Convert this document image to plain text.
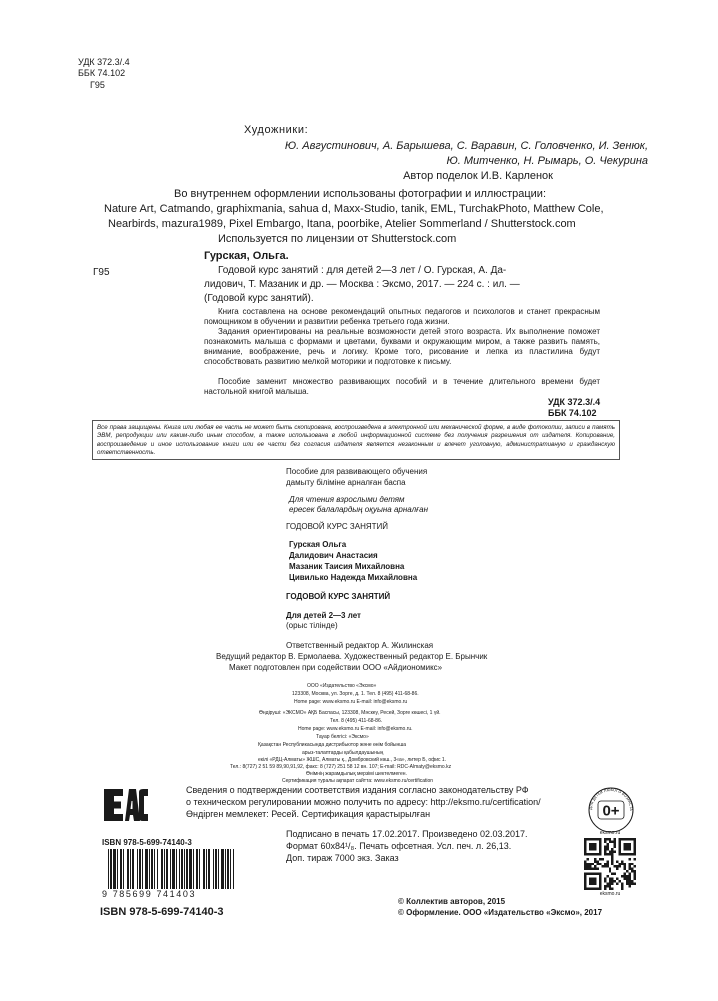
УДК 372.3/.4
ББК 74.102
Г95
Художники:
Ю. Августинович, А. Барышева, С. Варавин, С. Головченко, И. Зенюк,
Ю. Митченко, Н. Рымарь, О. Чекурина
Автор поделок И.В. Карленок
Во внутреннем оформлении использованы фотографии и иллюстрации:
Nature Art, Catmando, graphixmania, sahua d, Maxx-Studio, tanik, EML, TurchakPhoto, Matthew Cole,
Nearbirds, mazura1989, Pixel Embargo, Itana, poorbike, Atelier Sommerland / Shutterstock.com
Используется по лицензии от Shutterstock.com
Гурская, Ольга.
Г95	Годовой курс занятий : для детей 2—3 лет / О. Гурская, А. Да-
лидович, Т. Мазаник и др. — Москва : Эксмо, 2017. — 224 с. : ил. —
(Годовой курс занятий).
Книга составлена на основе рекомендаций опытных педагогов и психологов и станет прекрасным помощником в обучении и развитии ребенка третьего года жизни.
Задания ориентированы на реальные возможности детей этого возраста. Их выполнение поможет познакомить малыша с формами и цветами, буквами и окружающим миром, а также развить память, внимание, воображение, речь и логику. Кроме того, рисование и лепка из пластилина будут способствовать развитию мелкой моторики и подготовке к письму.
Пособие заменит множество развивающих пособий и в течение длительного времени будет настольной книгой малыша.
УДК 372.3/.4
ББК 74.102

Все права защищены. Книга или любая ее часть не может быть скопирована, воспроизведена в электронной или механической форме, в виде фотокопии, записи в память ЭВМ, репродукции или каким-либо иным способом, а также использована в любой информационной системе без получения разрешения от издателя. Копирование, воспроизведение и иное использование книги или ее части без согласия издателя является незаконным и влечет уголовную, административную и гражданскую ответственность.

Пособие для развивающего обучения
дамыту біліміне арналған баспа
Для чтения взрослыми детям
ересек балалардың оқуына арналған
ГОДОВОЙ КУРС ЗАНЯТИЙ
Гурская Ольга
Далидович Анастасия
Мазаник Таисия Михайловна
Цивилько Надежда Михайловна
ГОДОВОЙ КУРС ЗАНЯТИЙ
Для детей 2—3 лет
(орыс тілінде)
Ответственный редактор А. Жилинская
Ведущий редактор В. Ермолаева. Художественный редактор Е. Брынчик
Макет подготовлен при содействии ООО «Айдиономикс»
ООО «Издательство «Эксмо»
123308, Москва, ул. Зорге, д. 1. Тел. 8 (495) 411-68-86.
Home page: www.eksmo.ru E-mail: info@eksmo.ru
Өндіруші: «ЭКСМО» АҚБ Баспасы, 123308, Мәскеу, Ресей, Зорге көшесі, 1 үй.
Тел. 8 (495) 411-68-86.
Home page: www.eksmo.ru E-mail: info@eksmo.ru.
Тауар белгісі: «Эксмо»
Қазақстан Республикасында дистрибьютор және өнім бойынша
арыз-талаптарды қабылдаушының
екілі «РДЦ-Алматы» ЖШС, Алматы қ., Домбровский көш., 3«а», литер Б, офис 1.
Тел.: 8(727) 2 51 59 89,90,91,92, факс: 8 (727) 251 58 12 вн. 107; E-mail: RDC-Almaty@eksmo.kz
Өнімнің жарамдылық мерзімі шектелмеген.
Сертификация туралы ақпарат сайтта: www.eksmo.ru/certification
Сведения о подтверждении соответствия издания согласно законодательству РФ
о техническом регулировании можно получить по адресу: http://eksmo.ru/certification/
Өндірген мемлекет: Ресей. Сертификация қарастырылған
Подписано в печать 17.02.2017. Произведено 02.03.2017.
Формат 60x84¹/₈. Печать офсетная. Усл. печ. л. 26,13.
Доп. тираж 7000 экз. Заказ
ДЛЯ ДЕТЕЙ ЛЮБОГО ВОЗРАСТА
0+
eksmo.ru
eksmo.ru
ISBN 978-5-699-74140-3
9 785699 741403
ISBN 978-5-699-74140-3
© Коллектив авторов, 2015
© Оформление. ООО «Издательство «Эксмо», 2017
